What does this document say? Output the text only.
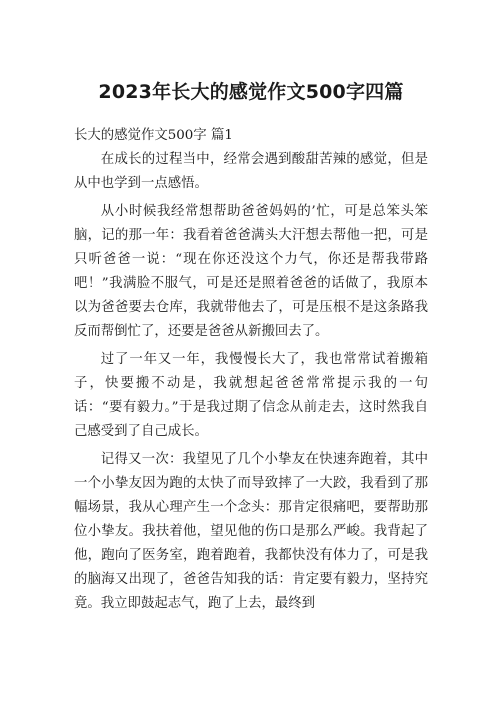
2023年长大的感觉作文500字四篇

长大的感觉作文500字 篇1

在成长的过程当中，经常会遇到酸甜苦辣的感觉，但是从中也学到一点感悟。

从小时候我经常想帮助爸爸妈妈的’忙，可是总笨头笨脑，记的那一年：我看着爸爸满头大汗想去帮他一把，可是只听爸爸一说：“现在你还没这个力气，你还是帮我带路吧！”我满脸不服气，可是还是照着爸爸的话做了，我原本以为爸爸要去仓库，我就带他去了，可是压根不是这条路我反而帮倒忙了，还要是爸爸从新搬回去了。

过了一年又一年，我慢慢长大了，我也常常试着搬箱子，快要搬不动是，我就想起爸爸常常提示我的一句话：“要有毅力。”于是我过期了信念从前走去，这时然我自己感受到了自己成长。

记得又一次：我望见了几个小挚友在快速奔跑着，其中一个小挚友因为跑的太快了而导致摔了一大跤，我看到了那幅场景，我从心理产生一个念头：那肯定很痛吧，要帮助那位小挚友。我扶着他，望见他的伤口是那么严峻。我背起了他，跑向了医务室，跑着跑着，我都快没有体力了，可是我的脑海又出现了，爸爸告知我的话：肯定要有毅力，坚持究竟。我立即鼓起志气，跑了上去，最终到
